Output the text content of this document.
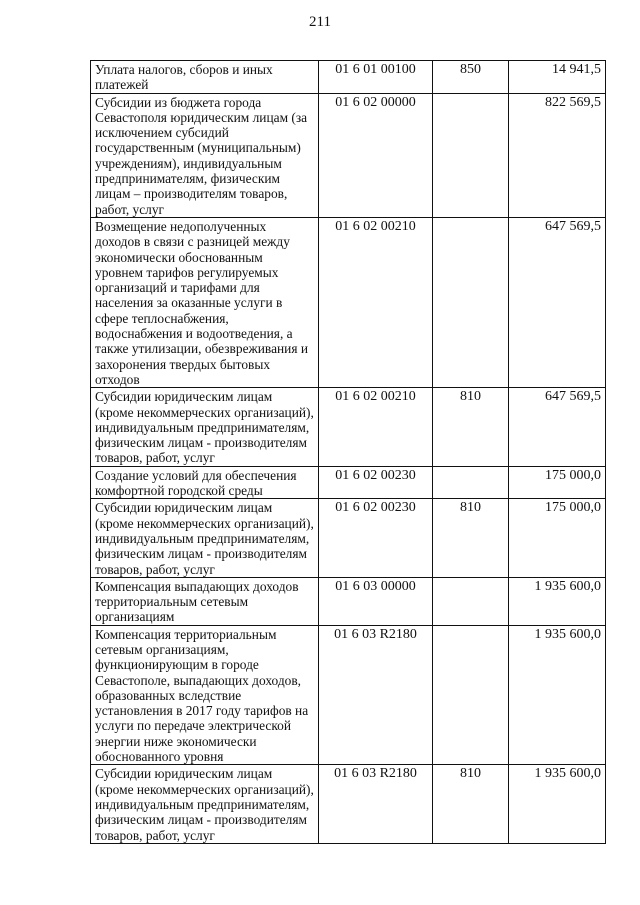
211
Уплата налогов, сборов и иных платежей	01 6 01 00100	850	14 941,5
Субсидии из бюджета города Севастополя юридическим лицам (за исключением субсидий государственным (муниципальным) учреждениям), индивидуальным предпринимателям, физическим лицам – производителям товаров, работ, услуг	01 6 02 00000		822 569,5
Возмещение недополученных доходов в связи с разницей между экономически обоснованным уровнем тарифов регулируемых организаций и тарифами для населения за оказанные услуги в сфере теплоснабжения, водоснабжения и водоотведения, а также утилизации, обезвреживания и захоронения твердых бытовых отходов	01 6 02 00210		647 569,5
Субсидии юридическим лицам (кроме некоммерческих организаций), индивидуальным предпринимателям, физическим лицам - производителям товаров, работ, услуг	01 6 02 00210	810	647 569,5
Создание условий для обеспечения комфортной городской среды	01 6 02 00230		175 000,0
Субсидии юридическим лицам (кроме некоммерческих организаций), индивидуальным предпринимателям, физическим лицам - производителям товаров, работ, услуг	01 6 02 00230	810	175 000,0
Компенсация выпадающих доходов территориальным сетевым организациям	01 6 03 00000		1 935 600,0
Компенсация территориальным сетевым организациям, функционирующим в городе Севастополе, выпадающих доходов, образованных вследствие установления в 2017 году тарифов на услуги по передаче электрической энергии ниже экономически обоснованного уровня	01 6 03 R2180		1 935 600,0
Субсидии юридическим лицам (кроме некоммерческих организаций), индивидуальным предпринимателям, физическим лицам - производителям товаров, работ, услуг	01 6 03 R2180	810	1 935 600,0
